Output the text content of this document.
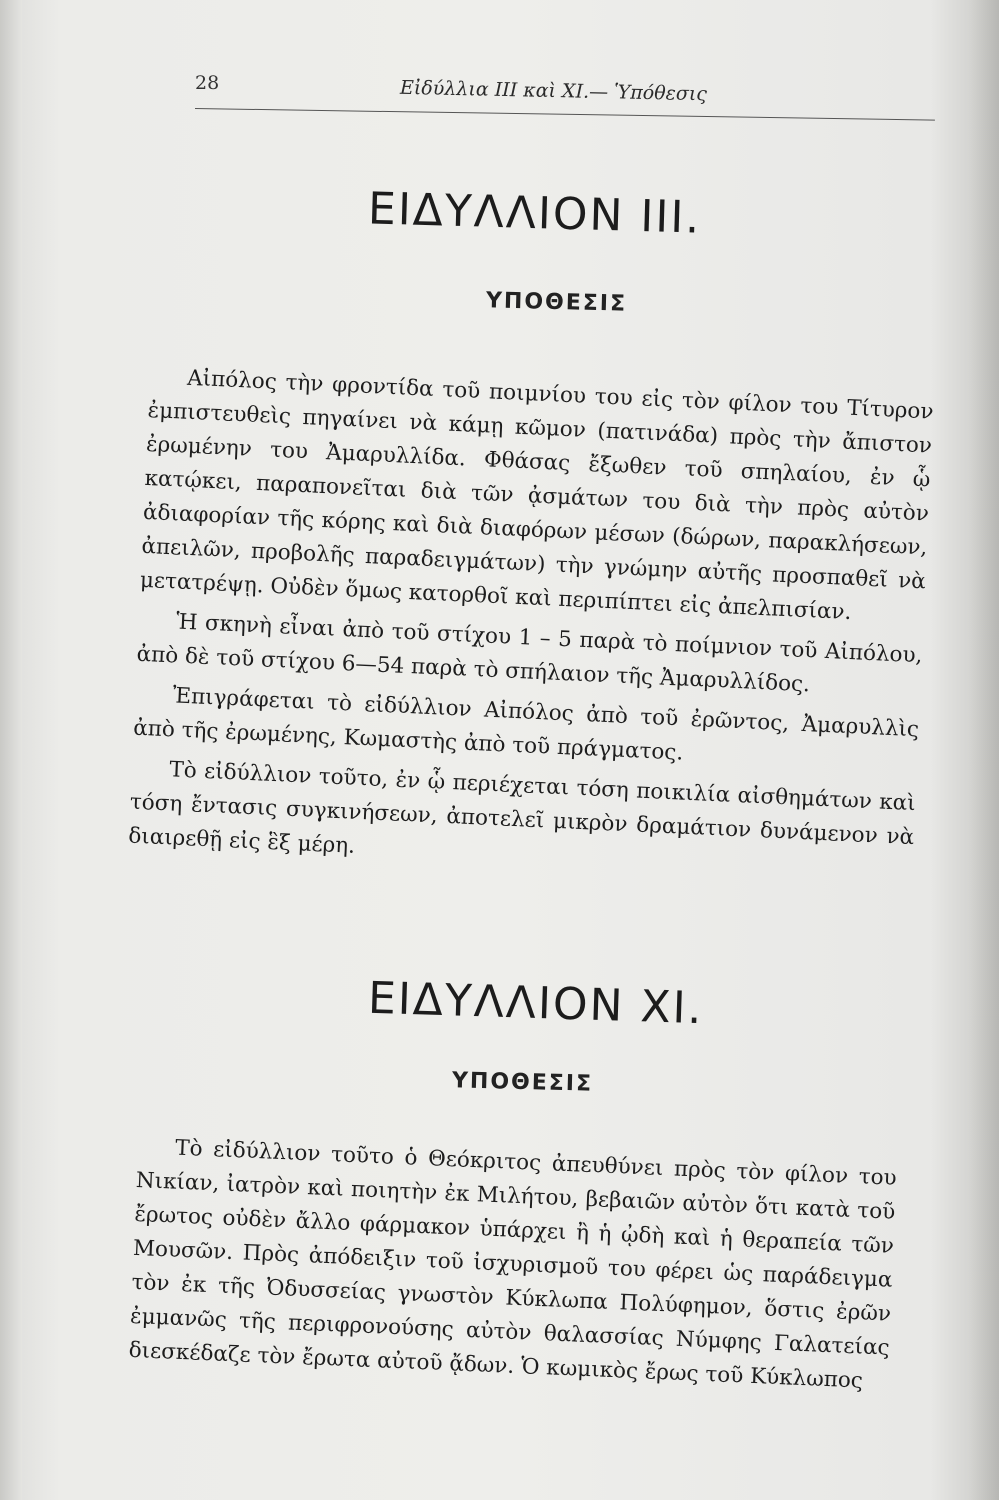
28	Εἰδύλλια III καὶ XI.— Ὑπόθεσις
ΕΙΔΥΛΛΙΟΝ III.
ΥΠΟΘΕΣΙΣ

Αἰπόλος τὴν φροντίδα τοῦ ποιμνίου του εἰς τὸν φίλον του Τίτυρον ἐμπιστευθεὶς πηγαίνει νὰ κάμῃ κῶμον (πατινάδα) πρὸς τὴν ἄπιστον ἐρωμένην του Ἀμαρυλλίδα. Φθάσας ἔξωθεν τοῦ σπηλαίου, ἐν ᾧ κατῴκει, παραπονεῖται διὰ τῶν ᾀσμάτων του διὰ τὴν πρὸς αὐτὸν ἀδιαφορίαν τῆς κόρης καὶ διὰ διαφόρων μέσων (δώρων, παρακλήσεων, ἀπειλῶν, προβολῆς παραδειγμάτων) τὴν γνώμην αὐτῆς προσπαθεῖ νὰ μετατρέψῃ. Οὐδὲν ὅμως κατορθοῖ καὶ περιπίπτει εἰς ἀπελπισίαν.

Ἡ σκηνὴ εἶναι ἀπὸ τοῦ στίχου 1 – 5 παρὰ τὸ ποίμνιον τοῦ Αἰπόλου, ἀπὸ δὲ τοῦ στίχου 6—54 παρὰ τὸ σπήλαιον τῆς Ἀμαρυλλίδος.

Ἐπιγράφεται τὸ εἰδύλλιον Αἰπόλος ἀπὸ τοῦ ἐρῶντος, Ἀμαρυλλὶς ἀπὸ τῆς ἐρωμένης, Κωμαστὴς ἀπὸ τοῦ πράγματος.

Τὸ εἰδύλλιον τοῦτο, ἐν ᾧ περιέχεται τόση ποικιλία αἰσθημάτων καὶ τόση ἔντασις συγκινήσεων, ἀποτελεῖ μικρὸν δραμάτιον δυνάμενον νὰ διαιρεθῇ εἰς ἓξ μέρη.

ΕΙΔΥΛΛΙΟΝ XI.
ΥΠΟΘΕΣΙΣ

Τὸ εἰδύλλιον τοῦτο ὁ Θεόκριτος ἀπευθύνει πρὸς τὸν φίλον του Νικίαν, ἰατρὸν καὶ ποιητὴν ἐκ Μιλήτου, βεβαιῶν αὐτὸν ὅτι κατὰ τοῦ ἔρωτος οὐδὲν ἄλλο φάρμακον ὑπάρχει ἢ ἡ ᾠδὴ καὶ ἡ θεραπεία τῶν Μουσῶν. Πρὸς ἀπόδειξιν τοῦ ἰσχυρισμοῦ του φέρει ὡς παράδειγμα τὸν ἐκ τῆς Ὀδυσσείας γνωστὸν Κύκλωπα Πολύφημον, ὅστις ἐρῶν ἐμμανῶς τῆς περιφρονούσης αὐτὸν θαλασσίας Νύμφης Γαλατείας διεσκέδαζε τὸν ἔρωτα αὐτοῦ ᾄδων. Ὁ κωμικὸς ἔρως τοῦ Κύκλωπος
